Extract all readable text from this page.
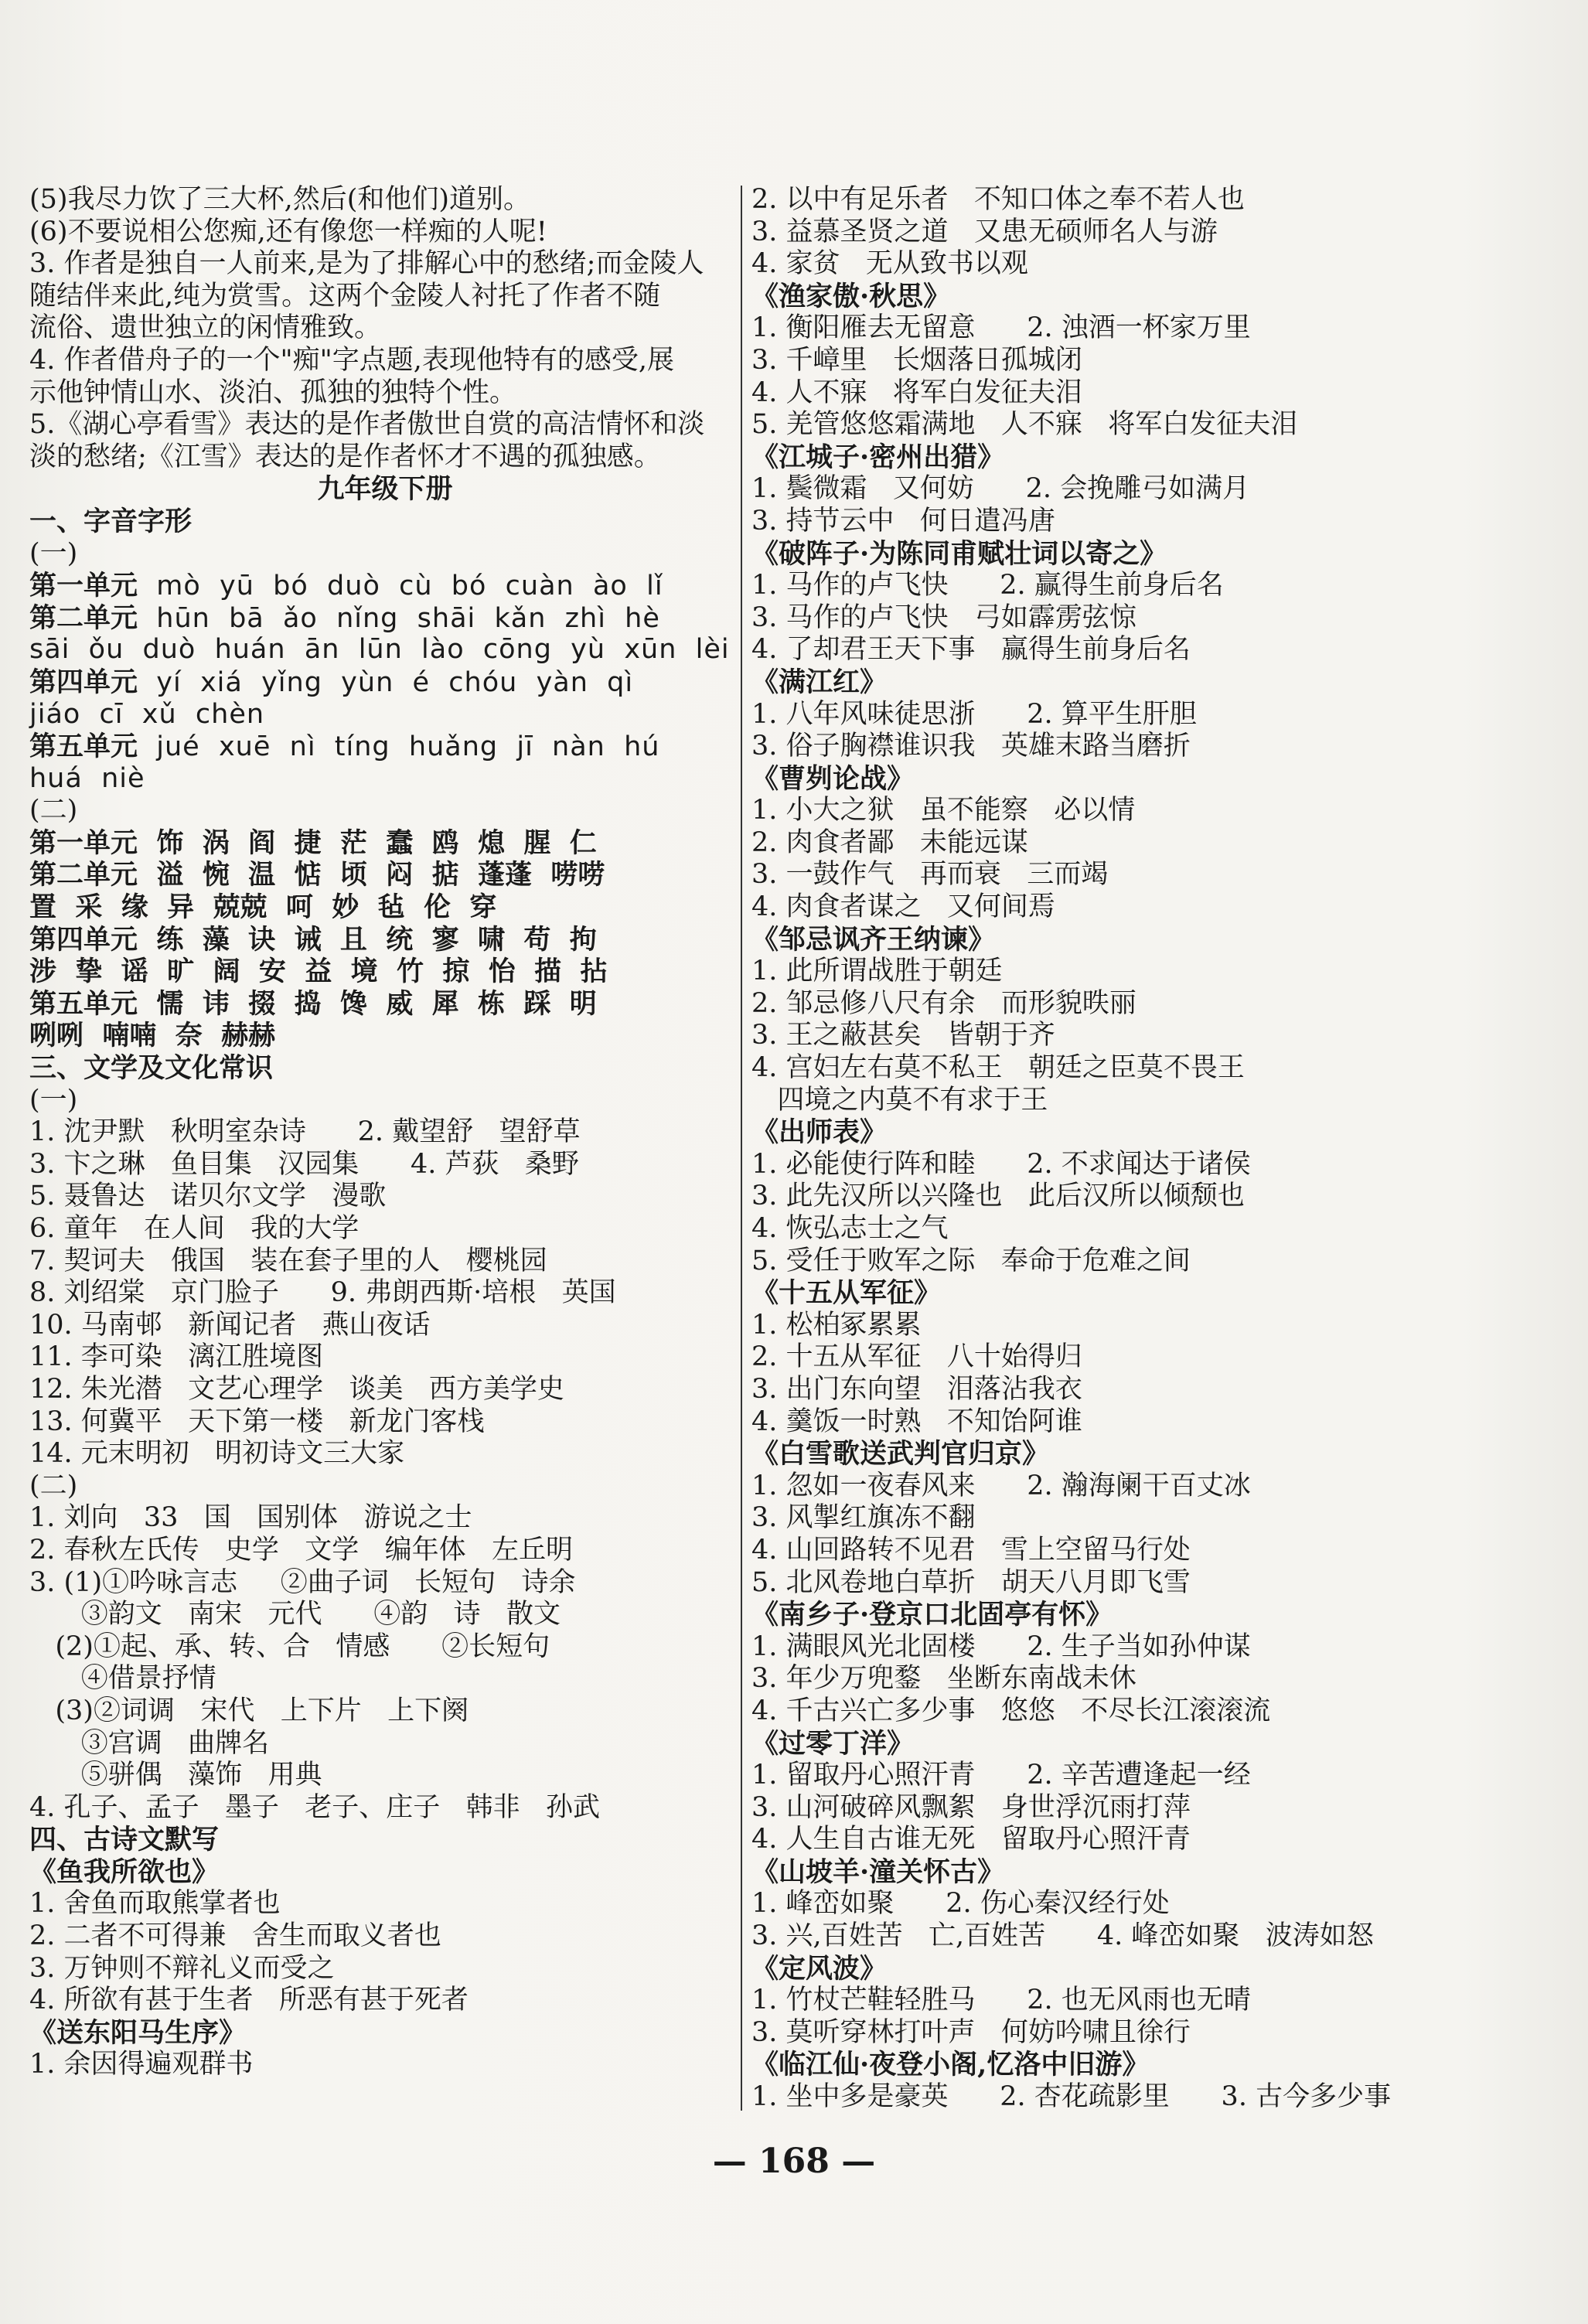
(5)我尽力饮了三大杯,然后(和他们)道别。
(6)不要说相公您痴,还有像您一样痴的人呢!
3. 作者是独自一人前来,是为了排解心中的愁绪;而金陵人
随结伴来此,纯为赏雪。这两个金陵人衬托了作者不随
流俗、遗世独立的闲情雅致。
4. 作者借舟子的一个"痴"字点题,表现他特有的感受,展
示他钟情山水、淡泊、孤独的独特个性。
5.《湖心亭看雪》表达的是作者傲世自赏的高洁情怀和淡
淡的愁绪;《江雪》表达的是作者怀才不遇的孤独感。
九年级下册
一、字音字形
(一)
第一单元  mò  yū  bó  duò  cù  bó  cuàn  ào  lǐ
第二单元  hūn  bā  ǎo  nǐng  shāi  kǎn  zhì  hè
sāi  ǒu  duò  huán  ān  lūn  lào  cōng  yù  xūn  lèi
第四单元  yí  xiá  yǐng  yùn  é  chóu  yàn  qì
jiáo  cī  xǔ  chèn
第五单元  jué  xuē  nì  tíng  huǎng  jī  nàn  hú
huá  niè
(二)
第一单元  饰  涡  阎  捷  茫  蠢  鸥  熄  腥  仁
第二单元  溢  惋  温  惦  顷  闷  掂  蓬蓬  唠唠
置  采  缘  异  兢兢  呵  妙  毡  伦  穿
第四单元  练  藻  诀  诫  且  统  寥  啸  苟  拘
涉  挚  谣  旷  阔  安  益  境  竹  掠  怡  描  拈
第五单元  懦  讳  掇  捣  馋  威  犀  栋  踩  明
咧咧  喃喃  奈  赫赫
三、文学及文化常识
(一)
1. 沈尹默   秋明室杂诗      2. 戴望舒   望舒草
3. 卞之琳   鱼目集   汉园集      4. 芦荻   桑野
5. 聂鲁达   诺贝尔文学   漫歌
6. 童年   在人间   我的大学
7. 契诃夫   俄国   装在套子里的人   樱桃园
8. 刘绍棠   京门脸子      9. 弗朗西斯·培根   英国
10. 马南邨   新闻记者   燕山夜话
11. 李可染   漓江胜境图
12. 朱光潜   文艺心理学   谈美   西方美学史
13. 何冀平   天下第一楼   新龙门客栈
14. 元末明初   明初诗文三大家
(二)
1. 刘向   33   国   国别体   游说之士
2. 春秋左氏传   史学   文学   编年体   左丘明
3. (1)①吟咏言志     ②曲子词   长短句   诗余
③韵文   南宋   元代      ④韵   诗   散文
(2)①起、承、转、合   情感      ②长短句
④借景抒情
(3)②词调   宋代   上下片   上下阕
③宫调   曲牌名
⑤骈偶   藻饰   用典
4. 孔子、孟子   墨子   老子、庄子   韩非   孙武
四、古诗文默写
《鱼我所欲也》
1. 舍鱼而取熊掌者也
2. 二者不可得兼   舍生而取义者也
3. 万钟则不辩礼义而受之
4. 所欲有甚于生者   所恶有甚于死者
《送东阳马生序》
1. 余因得遍观群书
2. 以中有足乐者   不知口体之奉不若人也
3. 益慕圣贤之道   又患无硕师名人与游
4. 家贫   无从致书以观
《渔家傲·秋思》
1. 衡阳雁去无留意      2. 浊酒一杯家万里
3. 千嶂里   长烟落日孤城闭
4. 人不寐   将军白发征夫泪
5. 羌管悠悠霜满地   人不寐   将军白发征夫泪
《江城子·密州出猎》
1. 鬓微霜   又何妨      2. 会挽雕弓如满月
3. 持节云中   何日遣冯唐
《破阵子·为陈同甫赋壮词以寄之》
1. 马作的卢飞快      2. 赢得生前身后名
3. 马作的卢飞快   弓如霹雳弦惊
4. 了却君王天下事   赢得生前身后名
《满江红》
1. 八年风味徒思浙      2. 算平生肝胆
3. 俗子胸襟谁识我   英雄末路当磨折
《曹刿论战》
1. 小大之狱   虽不能察   必以情
2. 肉食者鄙   未能远谋
3. 一鼓作气   再而衰   三而竭
4. 肉食者谋之   又何间焉
《邹忌讽齐王纳谏》
1. 此所谓战胜于朝廷
2. 邹忌修八尺有余   而形貌昳丽
3. 王之蔽甚矣   皆朝于齐
4. 宫妇左右莫不私王   朝廷之臣莫不畏王
四境之内莫不有求于王
《出师表》
1. 必能使行阵和睦      2. 不求闻达于诸侯
3. 此先汉所以兴隆也   此后汉所以倾颓也
4. 恢弘志士之气
5. 受任于败军之际   奉命于危难之间
《十五从军征》
1. 松柏冢累累
2. 十五从军征   八十始得归
3. 出门东向望   泪落沾我衣
4. 羹饭一时熟   不知饴阿谁
《白雪歌送武判官归京》
1. 忽如一夜春风来      2. 瀚海阑干百丈冰
3. 风掣红旗冻不翻
4. 山回路转不见君   雪上空留马行处
5. 北风卷地白草折   胡天八月即飞雪
《南乡子·登京口北固亭有怀》
1. 满眼风光北固楼      2. 生子当如孙仲谋
3. 年少万兜鍪   坐断东南战未休
4. 千古兴亡多少事   悠悠   不尽长江滚滚流
《过零丁洋》
1. 留取丹心照汗青      2. 辛苦遭逢起一经
3. 山河破碎风飘絮   身世浮沉雨打萍
4. 人生自古谁无死   留取丹心照汗青
《山坡羊·潼关怀古》
1. 峰峦如聚      2. 伤心秦汉经行处
3. 兴,百姓苦   亡,百姓苦      4. 峰峦如聚   波涛如怒
《定风波》
1. 竹杖芒鞋轻胜马      2. 也无风雨也无晴
3. 莫听穿林打叶声   何妨吟啸且徐行
《临江仙·夜登小阁,忆洛中旧游》
1. 坐中多是豪英      2. 杏花疏影里      3. 古今多少事
— 168 —
